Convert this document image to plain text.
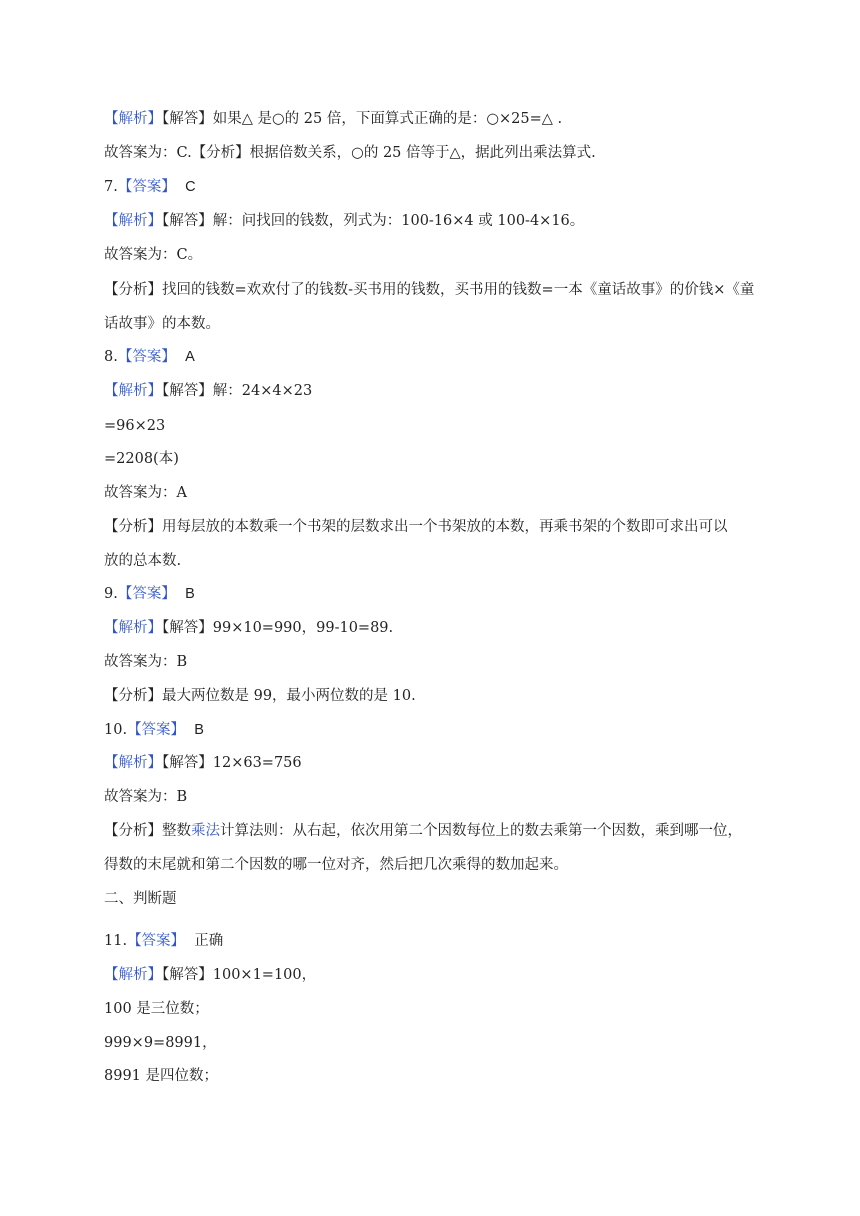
【解析】【解答】如果△ 是○的 25 倍，下面算式正确的是：○×25=△ .
故答案为：C.【分析】根据倍数关系，○的 25 倍等于△，据此列出乘法算式.
7.【答案】 C
【解析】【解答】解：问找回的钱数，列式为：100-16×4 或 100-4×16。
故答案为：C。
【分析】找回的钱数=欢欢付了的钱数-买书用的钱数，买书用的钱数=一本《童话故事》的价钱×《童
话故事》的本数。
8.【答案】 A
【解析】【解答】解：24×4×23
=96×23
=2208(本)
故答案为：A
【分析】用每层放的本数乘一个书架的层数求出一个书架放的本数，再乘书架的个数即可求出可以
放的总本数.
9.【答案】 B
【解析】【解答】99×10=990，99-10=89.
故答案为：B
【分析】最大两位数是 99，最小两位数的是 10.
10.【答案】 B
【解析】【解答】12×63=756
故答案为：B
【分析】整数乘法计算法则：从右起，依次用第二个因数每位上的数去乘第一个因数，乘到哪一位，
得数的末尾就和第二个因数的哪一位对齐，然后把几次乘得的数加起来。
二、判断题
11.【答案】 正确
【解析】【解答】100×1=100，
100 是三位数；
999×9=8991，
8991 是四位数；
